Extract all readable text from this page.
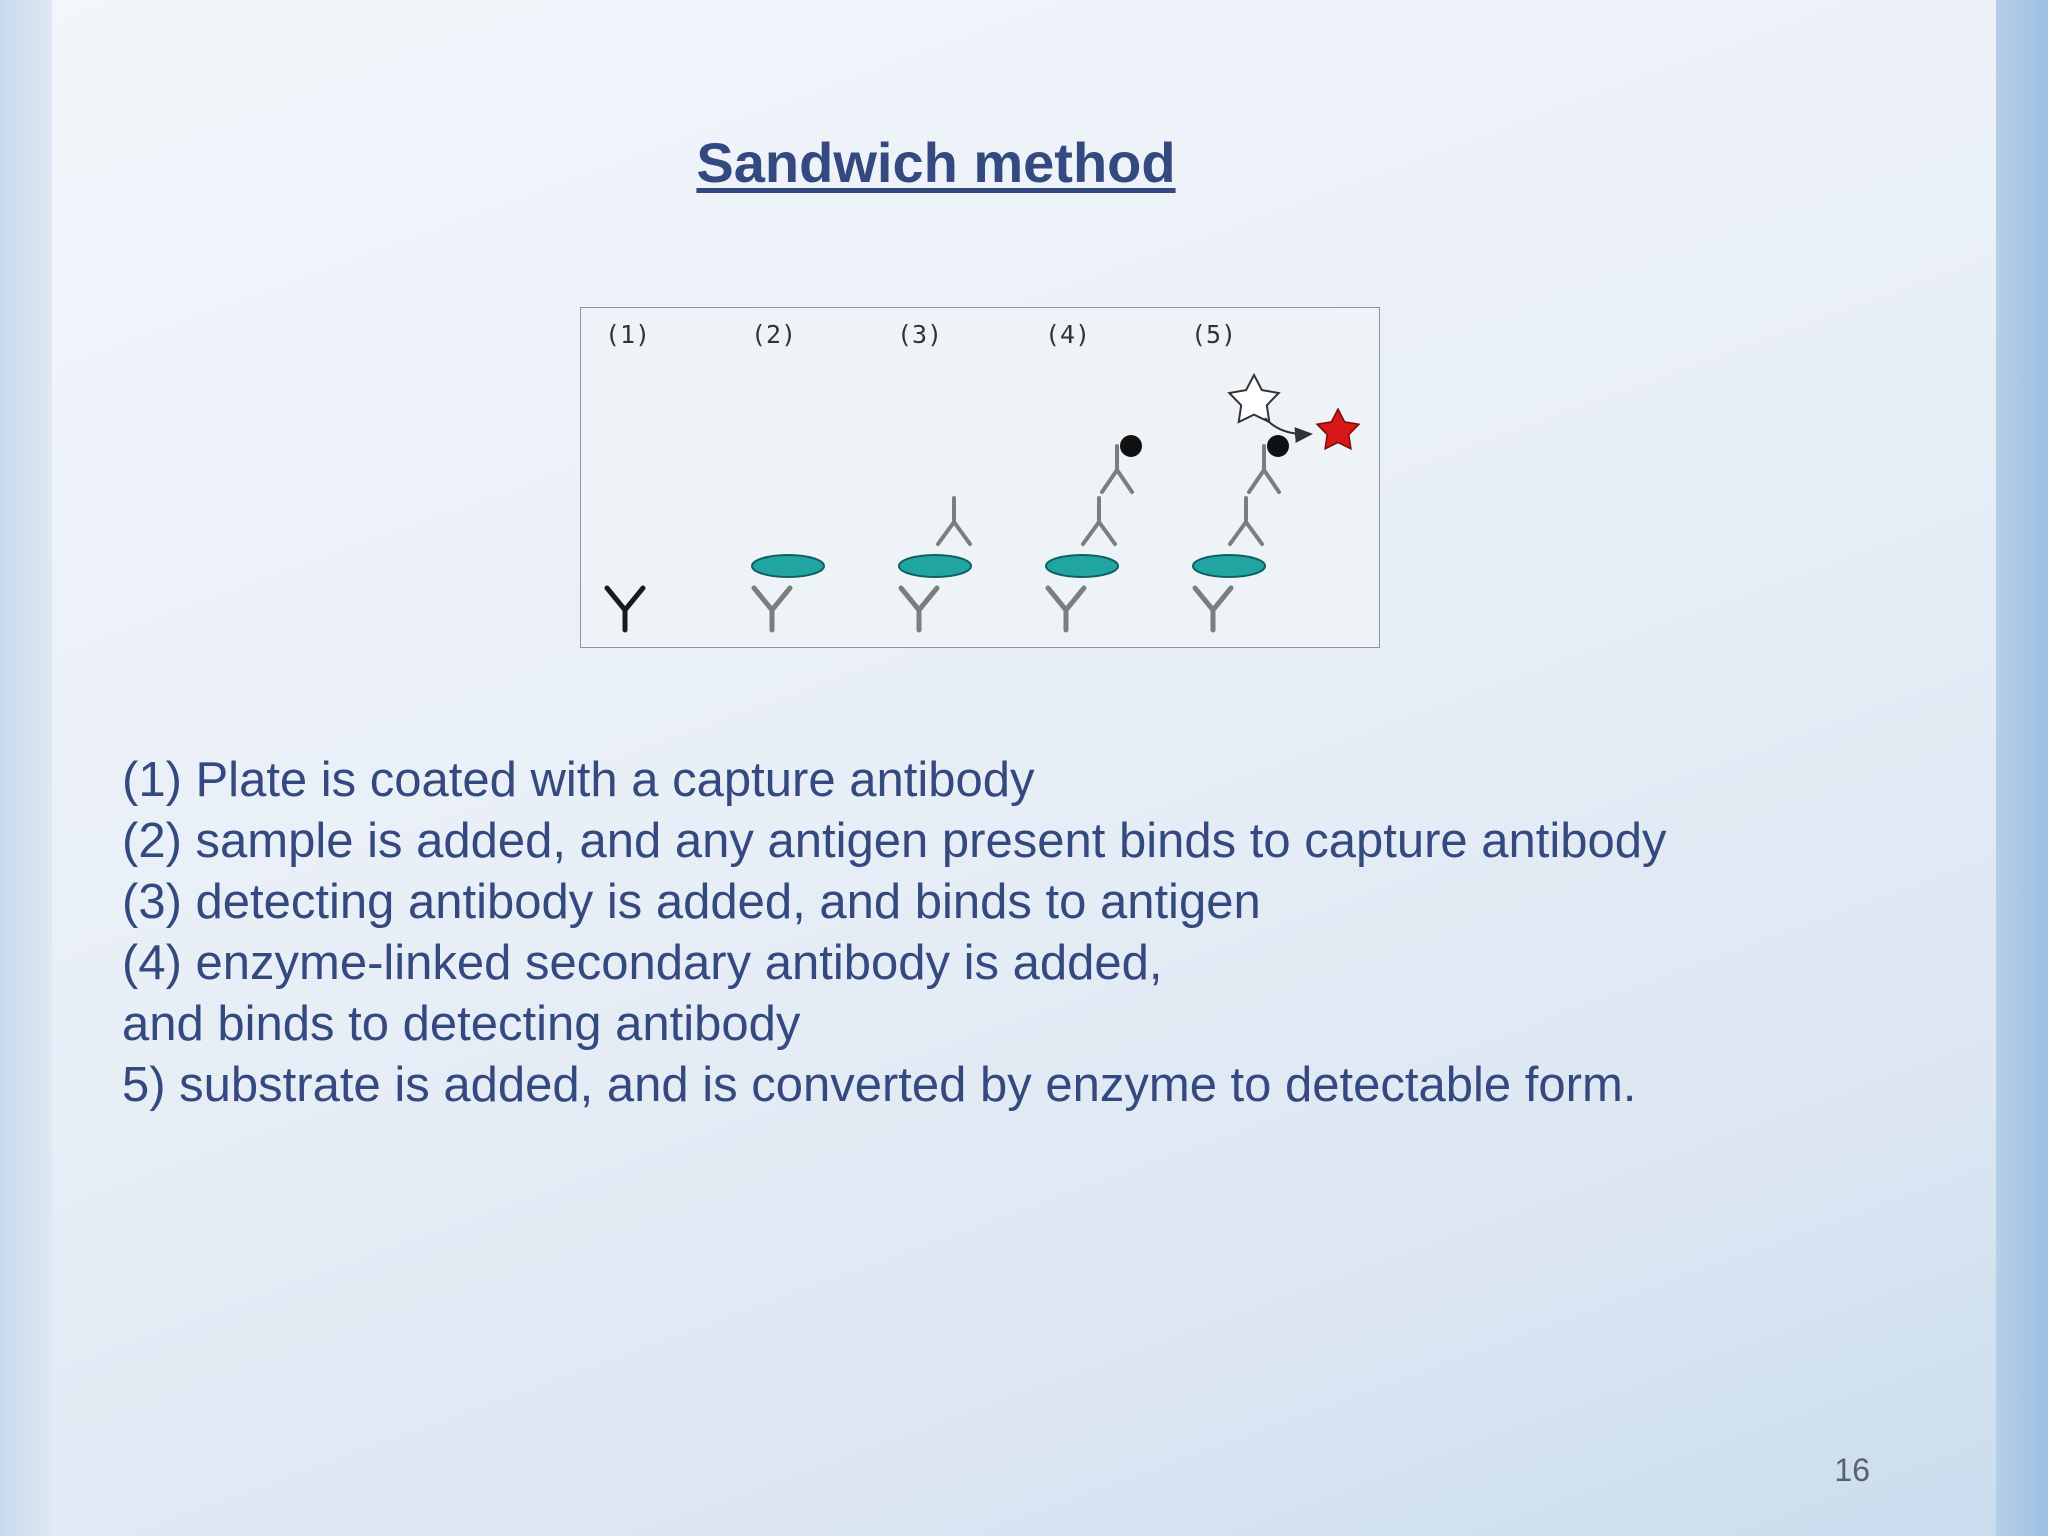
Sandwich method
(1)	(2)	(3)	(4)	(5)
(1) Plate is coated with a capture antibody
(2) sample is added, and any antigen present binds to capture antibody
(3) detecting antibody is added, and binds to antigen
(4) enzyme-linked secondary antibody is added,
and binds to detecting antibody
5) substrate is added, and is converted by enzyme to detectable form.
16
